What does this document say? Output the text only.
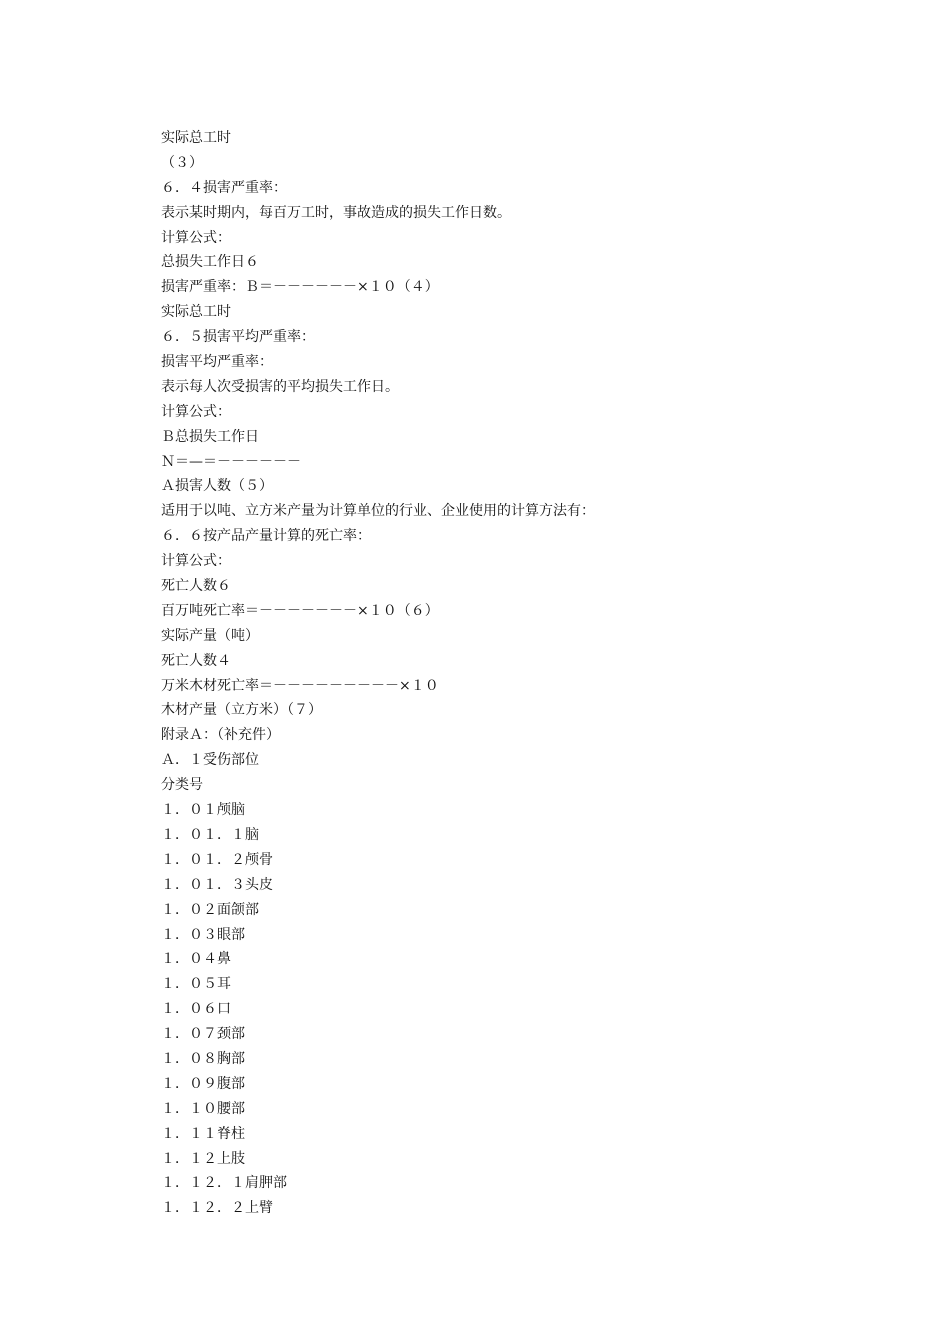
实际总工时
（３）
６．４损害严重率：
表示某时期内，每百万工时，事故造成的损失工作日数。
计算公式：
总损失工作日６
损害严重率：Ｂ＝－－－－－－×１０（４）
实际总工时
６．５损害平均严重率：
损害平均严重率：
表示每人次受损害的平均损失工作日。
计算公式：
Ｂ总损失工作日
Ｎ＝—＝－－－－－－
Ａ损害人数（５）
适用于以吨、立方米产量为计算单位的行业、企业使用的计算方法有：
６．６按产品产量计算的死亡率：
计算公式：
死亡人数６
百万吨死亡率＝－－－－－－－×１０（６）
实际产量（吨）
死亡人数４
万米木材死亡率＝－－－－－－－－－×１０
木材产量（立方米）（７）
附录Ａ：（补充件）
Ａ．１受伤部位
分类号
１．０１颅脑
１．０１．１脑
１．０１．２颅骨
１．０１．３头皮
１．０２面颌部
１．０３眼部
１．０４鼻
１．０５耳
１．０６口
１．０７颈部
１．０８胸部
１．０９腹部
１．１０腰部
１．１１脊柱
１．１２上肢
１．１２．１肩胛部
１．１２．２上臂
